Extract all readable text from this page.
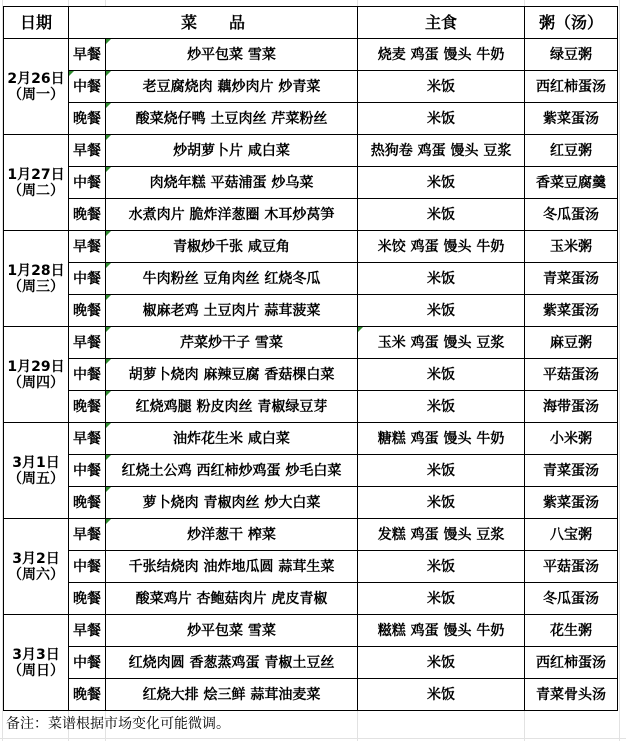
日期	菜　　品		主食	粥（汤）

2月26日
（周一）	早餐	炒平包菜 雪菜	烧麦 鸡蛋 馒头 牛奶	绿豆粥
	中餐	老豆腐烧肉 藕炒肉片 炒青菜	米饭	西红柿蛋汤
	晚餐	酸菜烧仔鸭 土豆肉丝 芹菜粉丝	米饭	紫菜蛋汤

1月27日
（周二）	早餐	炒胡萝卜片 咸白菜	热狗卷 鸡蛋 馒头 豆浆	红豆粥
	中餐	肉烧年糕 平菇浦蛋 炒乌菜	米饭	香菜豆腐羹
	晚餐	水煮肉片 脆炸洋葱圈 木耳炒莴笋	米饭	冬瓜蛋汤

1月28日
（周三）	早餐	青椒炒千张 咸豆角	米饺 鸡蛋 馒头 牛奶	玉米粥
	中餐	牛肉粉丝 豆角肉丝 红烧冬瓜	米饭	青菜蛋汤
	晚餐	椒麻老鸡 土豆肉片 蒜茸菠菜	米饭	紫菜蛋汤

1月29日
（周四）	早餐	芹菜炒干子 雪菜	玉米 鸡蛋 馒头 豆浆	麻豆粥
	中餐	胡萝卜烧肉 麻辣豆腐 香菇棵白菜	米饭	平菇蛋汤
	晚餐	红烧鸡腿 粉皮肉丝 青椒绿豆芽	米饭	海带蛋汤

3月1日
（周五）	早餐	油炸花生米 咸白菜	糖糕 鸡蛋 馒头 牛奶	小米粥
	中餐	红烧土公鸡 西红柿炒鸡蛋 炒毛白菜	米饭	青菜蛋汤
	晚餐	萝卜烧肉 青椒肉丝 炒大白菜	米饭	紫菜蛋汤

3月2日
（周六）	早餐	炒洋葱干 榨菜	发糕 鸡蛋 馒头 豆浆	八宝粥
	中餐	千张结烧肉 油炸地瓜圆 蒜茸生菜	米饭	平菇蛋汤
	晚餐	酸菜鸡片 杏鲍菇肉片 虎皮青椒	米饭	冬瓜蛋汤

3月3日
（周日）	早餐	炒平包菜 雪菜	糍糕 鸡蛋 馒头 牛奶	花生粥
	中餐	红烧肉圆 香葱蒸鸡蛋 青椒土豆丝	米饭	西红柿蛋汤
	晚餐	红烧大排 烩三鲜 蒜茸油麦菜	米饭	青菜骨头汤
备注：菜谱根据市场变化可能微调。
